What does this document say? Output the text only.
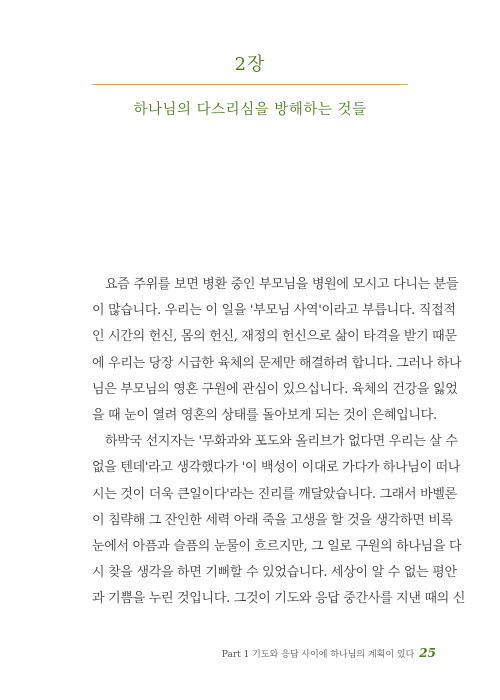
2장
하나님의 다스리심을 방해하는 것들
요즘 주위를 보면 병환 중인 부모님을 병원에 모시고 다니는 분들
이 많습니다. 우리는 이 일을 '부모님 사역'이라고 부릅니다. 직접적
인 시간의 헌신, 몸의 헌신, 재정의 헌신으로 삶이 타격을 받기 때문
에 우리는 당장 시급한 육체의 문제만 해결하려 합니다. 그러나 하나
님은 부모님의 영혼 구원에 관심이 있으십니다. 육체의 건강을 잃었
을 때 눈이 열려 영혼의 상태를 돌아보게 되는 것이 은혜입니다.
하박국 선지자는 '무화과와 포도와 올리브가 없다면 우리는 살 수
없을 텐데'라고 생각했다가 '이 백성이 이대로 가다가 하나님이 떠나
시는 것이 더욱 큰일이다'라는 진리를 깨달았습니다. 그래서 바벨론
이 침략해 그 잔인한 세력 아래 죽을 고생을 할 것을 생각하면 비록
눈에서 아픔과 슬픔의 눈물이 흐르지만, 그 일로 구원의 하나님을 다
시 찾을 생각을 하면 기뻐할 수 있었습니다. 세상이 알 수 없는 평안
과 기쁨을 누린 것입니다. 그것이 기도와 응답 중간사를 지낸 때의 신
Part 1 기도와 응답 사이에 하나님의 계획이 있다 25
